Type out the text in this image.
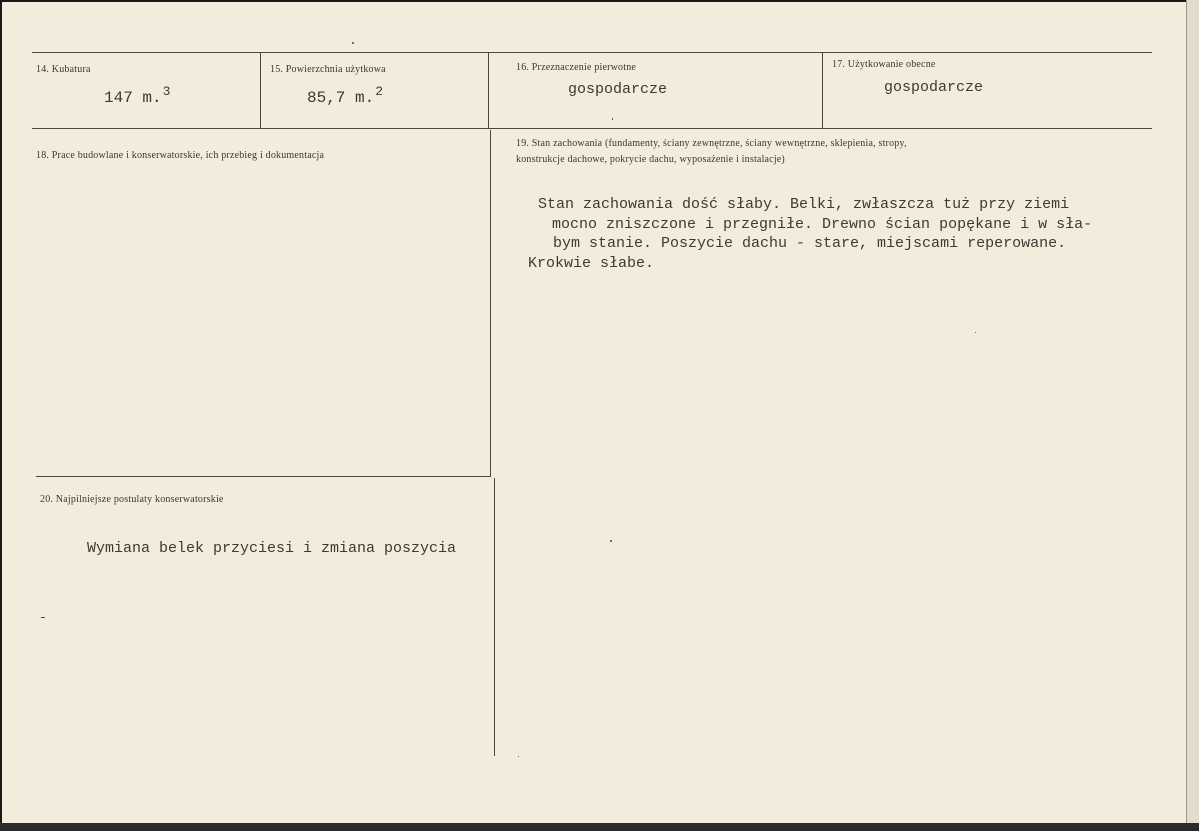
14. Kubatura
147 m.$^3$
15. Powierzchnia użytkowa
85,7 m.$^2$
16. Przeznaczenie pierwotne
gospodarcze
17. Użytkowanie obecne
gospodarcze
18. Prace budowlane i konserwatorskie, ich przebieg i dokumentacja
19. Stan zachowania (fundamenty, ściany zewnętrzne, ściany wewnętrzne, sklepienia, stropy,
konstrukcje dachowe, pokrycie dachu, wyposażenie i instalacje)
Stan zachowania dość słaby. Belki, zwłaszcza tuż przy ziemi
mocno zniszczone i przegniłe. Drewno ścian popękane i w sła-
bym stanie. Poszycie dachu - stare, miejscami reperowane.
Krokwie słabe.
20. Najpilniejsze postulaty konserwatorskie
Wymiana belek przyciesi i zmiana poszycia
